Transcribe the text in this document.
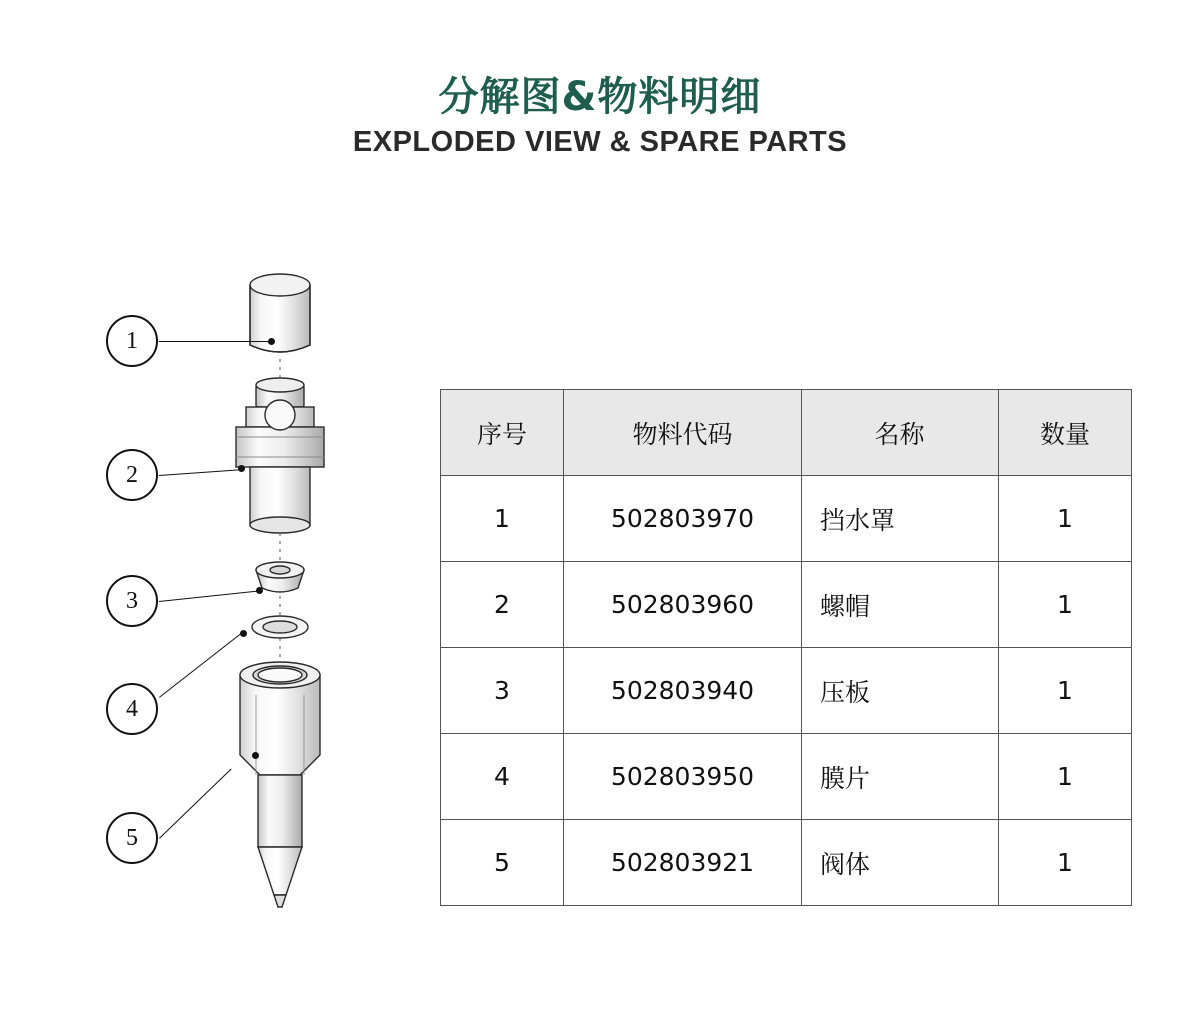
分解图&物料明细
EXPLODED VIEW & SPARE PARTS
1
2
3
4
5
序号	物料代码	名称	数量
1	502803970	挡水罩	1
2	502803960	螺帽	1
3	502803940	压板	1
4	502803950	膜片	1
5	502803921	阀体	1
